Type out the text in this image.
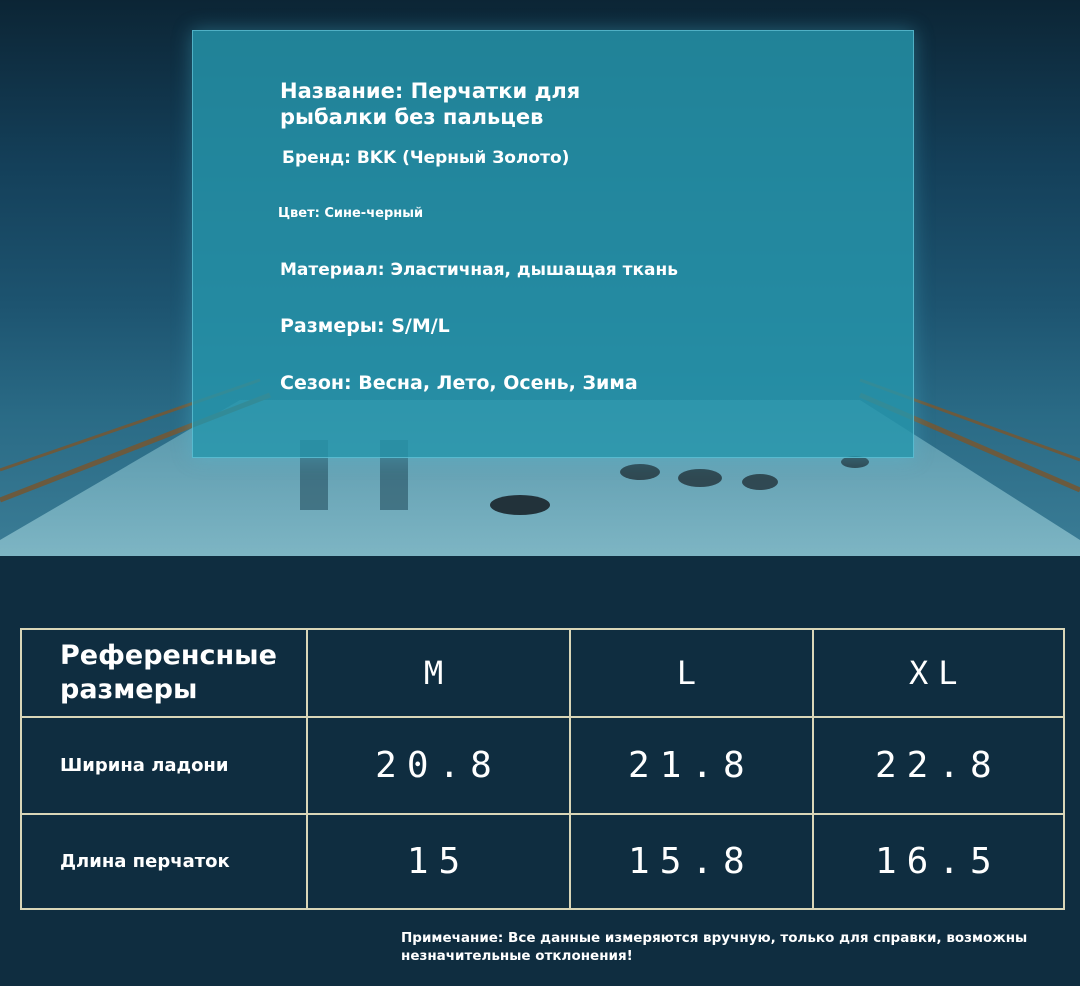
Название: Перчатки для рыбалки без пальцев
Бренд: BKK (Черный Золото)
Цвет: Сине-черный
Материал: Эластичная, дышащая ткань
Размеры: S/M/L
Сезон: Весна, Лето, Осень, Зима
Референсные размеры	M	L	XL
Ширина ладони	20.8	21.8	22.8
Длина перчаток	15	15.8	16.5
Примечание: Все данные измеряются вручную, только для справки, возможны незначительные отклонения!
